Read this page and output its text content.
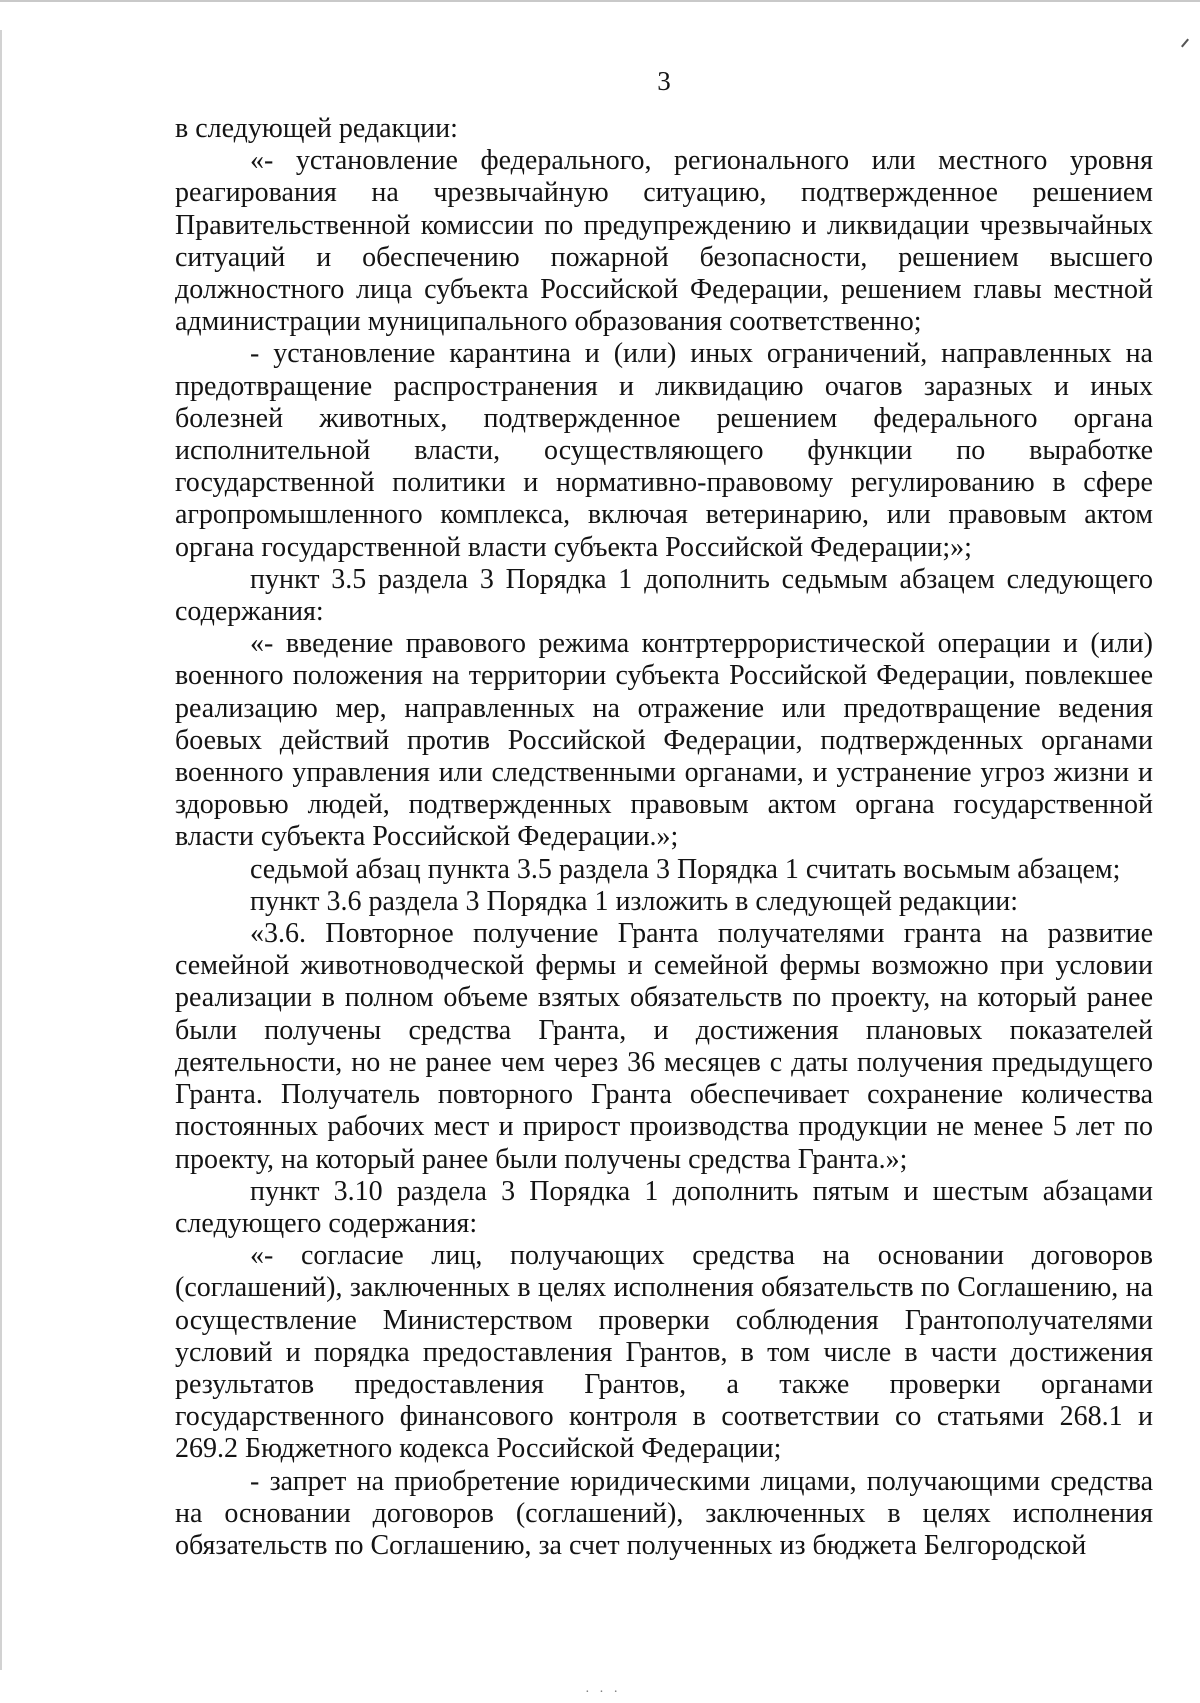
3

в следующей редакции:

«- установление федерального, регионального или местного уровня реагирования на чрезвычайную ситуацию, подтвержденное решением Правительственной комиссии по предупреждению и ликвидации чрезвычайных ситуаций и обеспечению пожарной безопасности, решением высшего должностного лица субъекта Российской Федерации, решением главы местной администрации муниципального образования соответственно;

- установление карантина и (или) иных ограничений, направленных на предотвращение распространения и ликвидацию очагов заразных и иных болезней животных, подтвержденное решением федерального органа исполнительной власти, осуществляющего функции по выработке государственной политики и нормативно-правовому регулированию в сфере агропромышленного комплекса, включая ветеринарию, или правовым актом органа государственной власти субъекта Российской Федерации;»;

пункт 3.5 раздела 3 Порядка 1 дополнить седьмым абзацем следующего содержания:

«- введение правового режима контртеррористической операции и (или) военного положения на территории субъекта Российской Федерации, повлекшее реализацию мер, направленных на отражение или предотвращение ведения боевых действий против Российской Федерации, подтвержденных органами военного управления или следственными органами, и устранение угроз жизни и здоровью людей, подтвержденных правовым актом органа государственной власти субъекта Российской Федерации.»;

седьмой абзац пункта 3.5 раздела 3 Порядка 1 считать восьмым абзацем;

пункт 3.6 раздела 3 Порядка 1 изложить в следующей редакции:

«3.6. Повторное получение Гранта получателями гранта на развитие семейной животноводческой фермы и семейной фермы возможно при условии реализации в полном объеме взятых обязательств по проекту, на который ранее были получены средства Гранта, и достижения плановых показателей деятельности, но не ранее чем через 36 месяцев с даты получения предыдущего Гранта. Получатель повторного Гранта обеспечивает сохранение количества постоянных рабочих мест и прирост производства продукции не менее 5 лет по проекту, на который ранее были получены средства Гранта.»;

пункт 3.10 раздела 3 Порядка 1 дополнить пятым и шестым абзацами следующего содержания:

«- согласие лиц, получающих средства на основании договоров (соглашений), заключенных в целях исполнения обязательств по Соглашению, на осуществление Министерством проверки соблюдения Грантополучателями условий и порядка предоставления Грантов, в том числе в части достижения результатов предоставления Грантов, а также проверки органами государственного финансового контроля в соответствии со статьями 268.1 и 269.2 Бюджетного кодекса Российской Федерации;

- запрет на приобретение юридическими лицами, получающими средства на основании договоров (соглашений), заключенных в целях исполнения обязательств по Соглашению, за счет полученных из бюджета Белгородской

· · ·
